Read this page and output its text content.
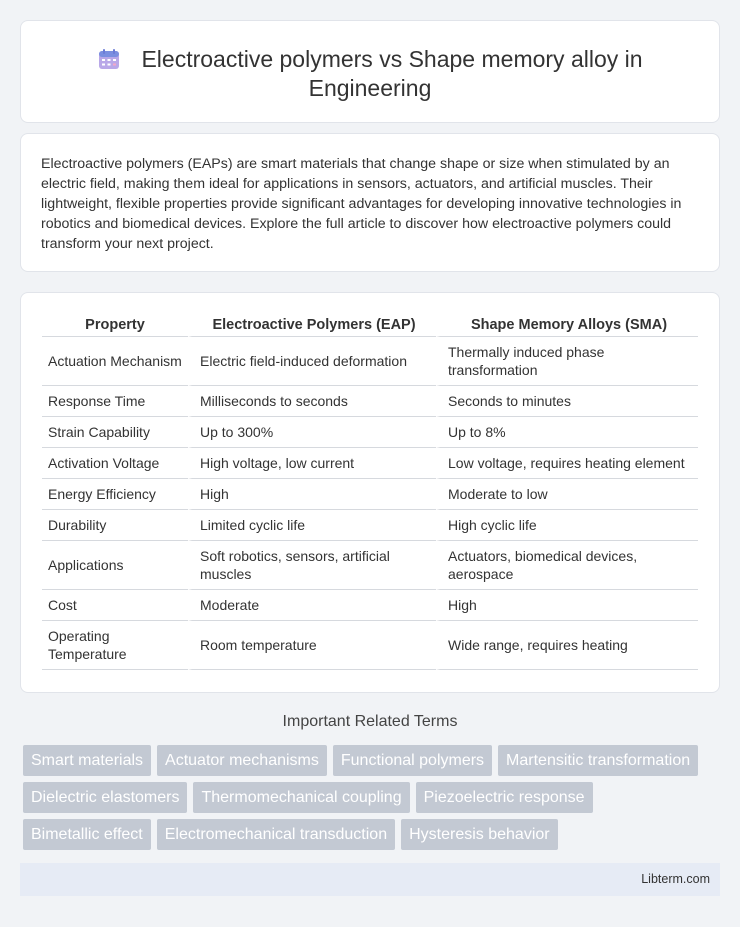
Electroactive polymers vs Shape memory alloy in
Engineering

Electroactive polymers (EAPs) are smart materials that change shape or size when stimulated by an electric field, making them ideal for applications in sensors, actuators, and artificial muscles. Their lightweight, flexible properties provide significant advantages for developing innovative technologies in robotics and biomedical devices. Explore the full article to discover how electroactive polymers could transform your next project.

Property	Electroactive Polymers (EAP)	Shape Memory Alloys (SMA)
Actuation Mechanism	Electric field-induced deformation	Thermally induced phase transformation
Response Time	Milliseconds to seconds	Seconds to minutes
Strain Capability	Up to 300%	Up to 8%
Activation Voltage	High voltage, low current	Low voltage, requires heating element
Energy Efficiency	High	Moderate to low
Durability	Limited cyclic life	High cyclic life
Applications	Soft robotics, sensors, artificial muscles	Actuators, biomedical devices, aerospace
Cost	Moderate	High
Operating Temperature	Room temperature	Wide range, requires heating
Important Related Terms
Smart materials Actuator mechanisms Functional polymers Martensitic transformation
Dielectric elastomers Thermomechanical coupling Piezoelectric response
Bimetallic effect Electromechanical transduction Hysteresis behavior
Libterm.com
